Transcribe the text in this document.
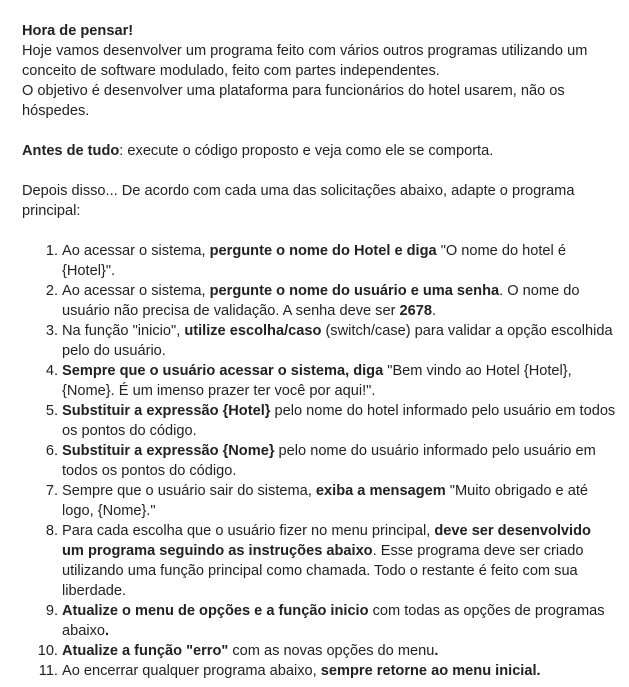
Hora de pensar!

Hoje vamos desenvolver um programa feito com vários outros programas utilizando um conceito de software modulado, feito com partes independentes.
O objetivo é desenvolver uma plataforma para funcionários do hotel usarem, não os hóspedes.

Antes de tudo: execute o código proposto e veja como ele se comporta.

Depois disso... De acordo com cada uma das solicitações abaixo, adapte o programa principal:

1. Ao acessar o sistema, pergunte o nome do Hotel e diga "O nome do hotel é {Hotel}".
2. Ao acessar o sistema, pergunte o nome do usuário e uma senha. O nome do usuário não precisa de validação. A senha deve ser 2678.
3. Na função "inicio", utilize escolha/caso (switch/case) para validar a opção escolhida pelo do usuário.
4. Sempre que o usuário acessar o sistema, diga "Bem vindo ao Hotel {Hotel}, {Nome}. É um imenso prazer ter você por aqui!".
5. Substituir a expressão {Hotel} pelo nome do hotel informado pelo usuário em todos os pontos do código.
6. Substituir a expressão {Nome} pelo nome do usuário informado pelo usuário em todos os pontos do código.
7. Sempre que o usuário sair do sistema, exiba a mensagem "Muito obrigado e até logo, {Nome}."
8. Para cada escolha que o usuário fizer no menu principal, deve ser desenvolvido um programa seguindo as instruções abaixo. Esse programa deve ser criado utilizando uma função principal como chamada. Todo o restante é feito com sua liberdade.
9. Atualize o menu de opções e a função inicio com todas as opções de programas abaixo.
10. Atualize a função "erro" com as novas opções do menu.
11. Ao encerrar qualquer programa abaixo, sempre retorne ao menu inicial.
